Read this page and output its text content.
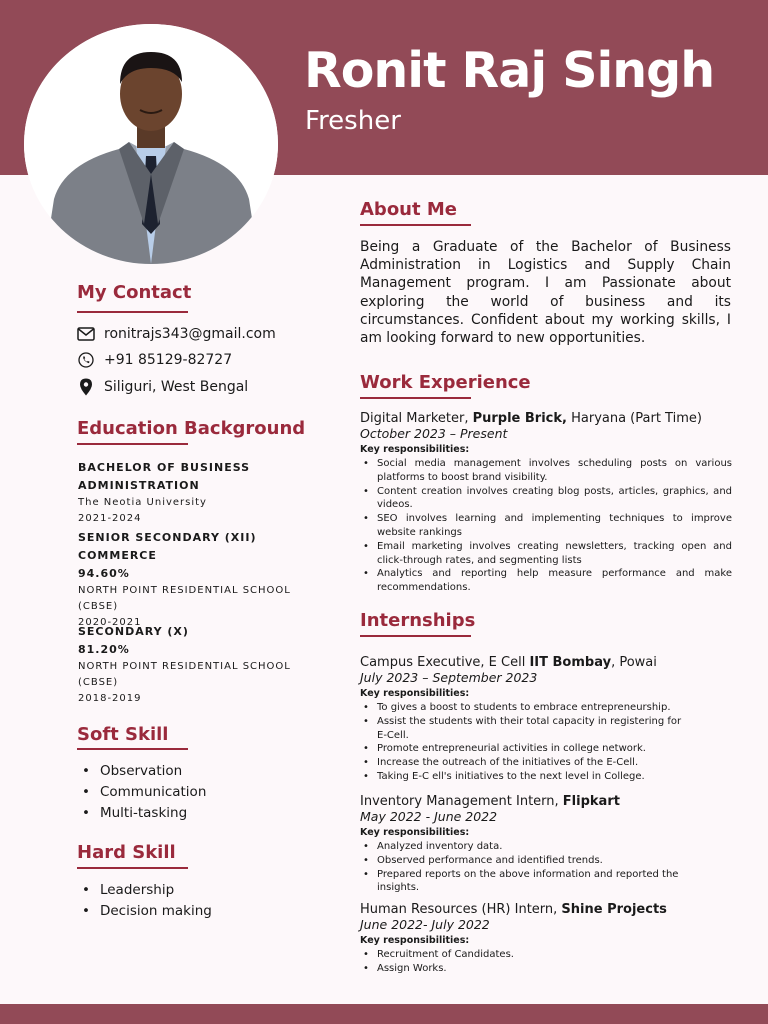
Ronit Raj Singh
Fresher
My Contact
ronitrajs343@gmail.com
+91 85129-82727
Siliguri, West Bengal
Education Background
BACHELOR OF BUSINESS ADMINISTRATION
The Neotia University
2021-2024
SENIOR SECONDARY (XII) COMMERCE
94.60%
NORTH POINT RESIDENTIAL SCHOOL (CBSE)
2020-2021
SECONDARY (X)
81.20%
NORTH POINT RESIDENTIAL SCHOOL (CBSE)
2018-2019
Soft Skill
• Observation
• Communication
• Multi-tasking
Hard Skill
• Leadership
• Decision making
About Me
Being a Graduate of the Bachelor of Business Administration in Logistics and Supply Chain Management program. I am Passionate about exploring the world of business and its circumstances. Confident about my working skills, I am looking forward to new opportunities.
Work Experience
Digital Marketer, Purple Brick, Haryana (Part Time)
October 2023 – Present
Key responsibilities:
• Social media management involves scheduling posts on various platforms to boost brand visibility.
• Content creation involves creating blog posts, articles, graphics, and videos.
• SEO involves learning and implementing techniques to improve website rankings
• Email marketing involves creating newsletters, tracking open and click-through rates, and segmenting lists
• Analytics and reporting help measure performance and make recommendations.
Internships
Campus Executive, E Cell IIT Bombay, Powai
July 2023 – September 2023
Key responsibilities:
• To gives a boost to students to embrace entrepreneurship.
• Assist the students with their total capacity in registering for E-Cell.
• Promote entrepreneurial activities in college network.
• Increase the outreach of the initiatives of the E-Cell.
• Taking E-C ell's initiatives to the next level in College.
Inventory Management Intern, Flipkart
May 2022 - June 2022
Key responsibilities:
• Analyzed inventory data.
• Observed performance and identified trends.
• Prepared reports on the above information and reported the insights.
Human Resources (HR) Intern, Shine Projects
June 2022- July 2022
Key responsibilities:
• Recruitment of Candidates.
• Assign Works.
